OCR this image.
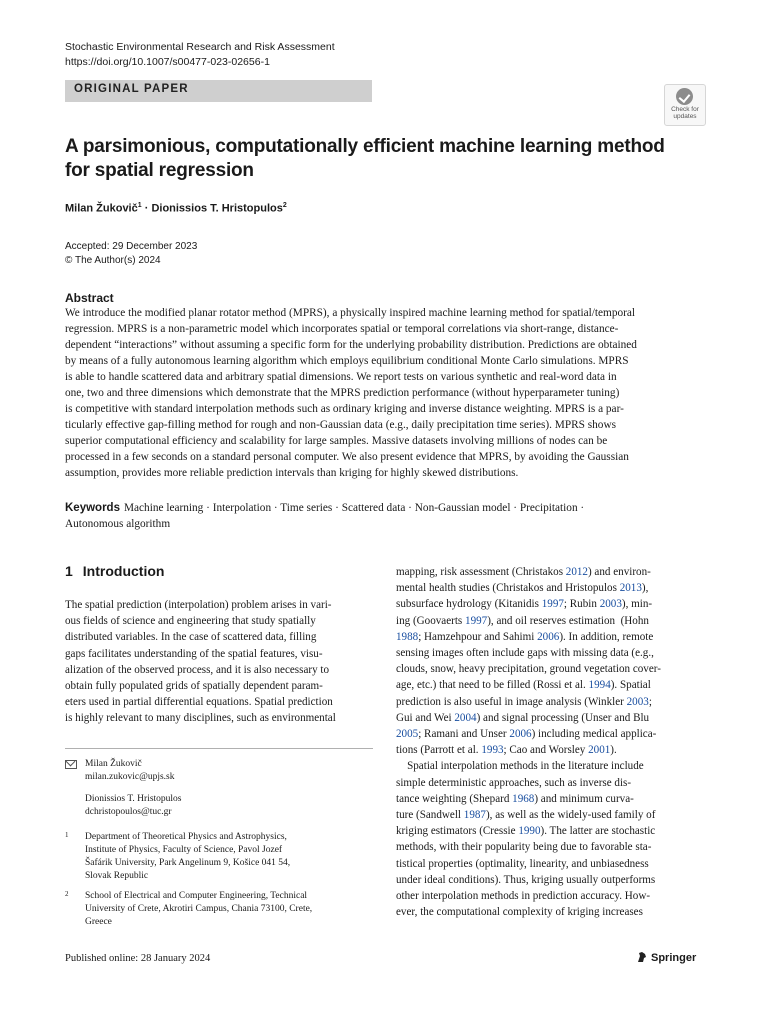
Stochastic Environmental Research and Risk Assessment
https://doi.org/10.1007/s00477-023-02656-1
ORIGINAL PAPER
Check for
updates
A parsimonious, computationally efficient machine learning method
for spatial regression
Milan Žukovič$^1$ · Dionissios T. Hristopulos$^2$
Accepted: 29 December 2023
© The Author(s) 2024
Abstract
We introduce the modified planar rotator method (MPRS), a physically inspired machine learning method for spatial/temporal
regression. MPRS is a non-parametric model which incorporates spatial or temporal correlations via short-range, distance-
dependent “interactions” without assuming a specific form for the underlying probability distribution. Predictions are obtained
by means of a fully autonomous learning algorithm which employs equilibrium conditional Monte Carlo simulations. MPRS
is able to handle scattered data and arbitrary spatial dimensions. We report tests on various synthetic and real-word data in
one, two and three dimensions which demonstrate that the MPRS prediction performance (without hyperparameter tuning)
is competitive with standard interpolation methods such as ordinary kriging and inverse distance weighting. MPRS is a par-
ticularly effective gap-filling method for rough and non-Gaussian data (e.g., daily precipitation time series). MPRS shows
superior computational efficiency and scalability for large samples. Massive datasets involving millions of nodes can be
processed in a few seconds on a standard personal computer. We also present evidence that MPRS, by avoiding the Gaussian
assumption, provides more reliable prediction intervals than kriging for highly skewed distributions.
Keywords Machine learning · Interpolation · Time series · Scattered data · Non-Gaussian model · Precipitation ·
Autonomous algorithm
1 Introduction
The spatial prediction (interpolation) problem arises in vari-
ous fields of science and engineering that study spatially
distributed variables. In the case of scattered data, filling
gaps facilitates understanding of the spatial features, visu-
alization of the observed process, and it is also necessary to
obtain fully populated grids of spatially dependent param-
eters used in partial differential equations. Spatial prediction
is highly relevant to many disciplines, such as environmental
mapping, risk assessment (Christakos 2012) and environ-
mental health studies (Christakos and Hristopulos 2013),
subsurface hydrology (Kitanidis 1997; Rubin 2003), min-
ing (Goovaerts 1997), and oil reserves estimation  (Hohn
1988; Hamzehpour and Sahimi 2006). In addition, remote
sensing images often include gaps with missing data (e.g.,
clouds, snow, heavy precipitation, ground vegetation cover-
age, etc.) that need to be filled (Rossi et al. 1994). Spatial
prediction is also useful in image analysis (Winkler 2003;
Gui and Wei 2004) and signal processing (Unser and Blu
2005; Ramani and Unser 2006) including medical applica-
tions (Parrott et al. 1993; Cao and Worsley 2001).
Spatial interpolation methods in the literature include
simple deterministic approaches, such as inverse dis-
tance weighting (Shepard 1968) and minimum curva-
ture (Sandwell 1987), as well as the widely-used family of
kriging estimators (Cressie 1990). The latter are stochastic
methods, with their popularity being due to favorable sta-
tistical properties (optimality, linearity, and unbiasedness
under ideal conditions). Thus, kriging usually outperforms
other interpolation methods in prediction accuracy. How-
ever, the computational complexity of kriging increases
Milan Žukovič
milan.zukovic@upjs.sk
Dionissios T. Hristopulos
dchristopoulos@tuc.gr
1 Department of Theoretical Physics and Astrophysics,
Institute of Physics, Faculty of Science, Pavol Jozef
Šafárik University, Park Angelinum 9, Košice 041 54,
Slovak Republic
2 School of Electrical and Computer Engineering, Technical
University of Crete, Akrotiri Campus, Chania 73100, Crete,
Greece
Published online: 28 January 2024	Springer
